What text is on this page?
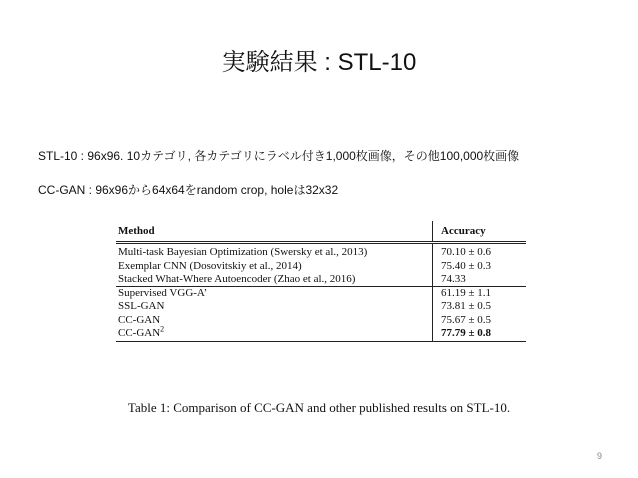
実験結果 : STL-10
STL-10 : 96x96. 10カテゴリ, 各カテゴリにラベル付き1,000枚画像，その他100,000枚画像
CC-GAN : 96x96から64x64をrandom crop, holeは32x32
Method	Accuracy
Multi-task Bayesian Optimization (Swersky et al., 2013)	70.10 ± 0.6
Exemplar CNN (Dosovitskiy et al., 2014)	75.40 ± 0.3
Stacked What-Where Autoencoder (Zhao et al., 2016)	74.33
Supervised VGG-A’	61.19 ± 1.1
SSL-GAN	73.81 ± 0.5
CC-GAN	75.67 ± 0.5
CC-GAN$^2$	77.79 ± 0.8
Table 1: Comparison of CC-GAN and other published results on STL-10.
9
